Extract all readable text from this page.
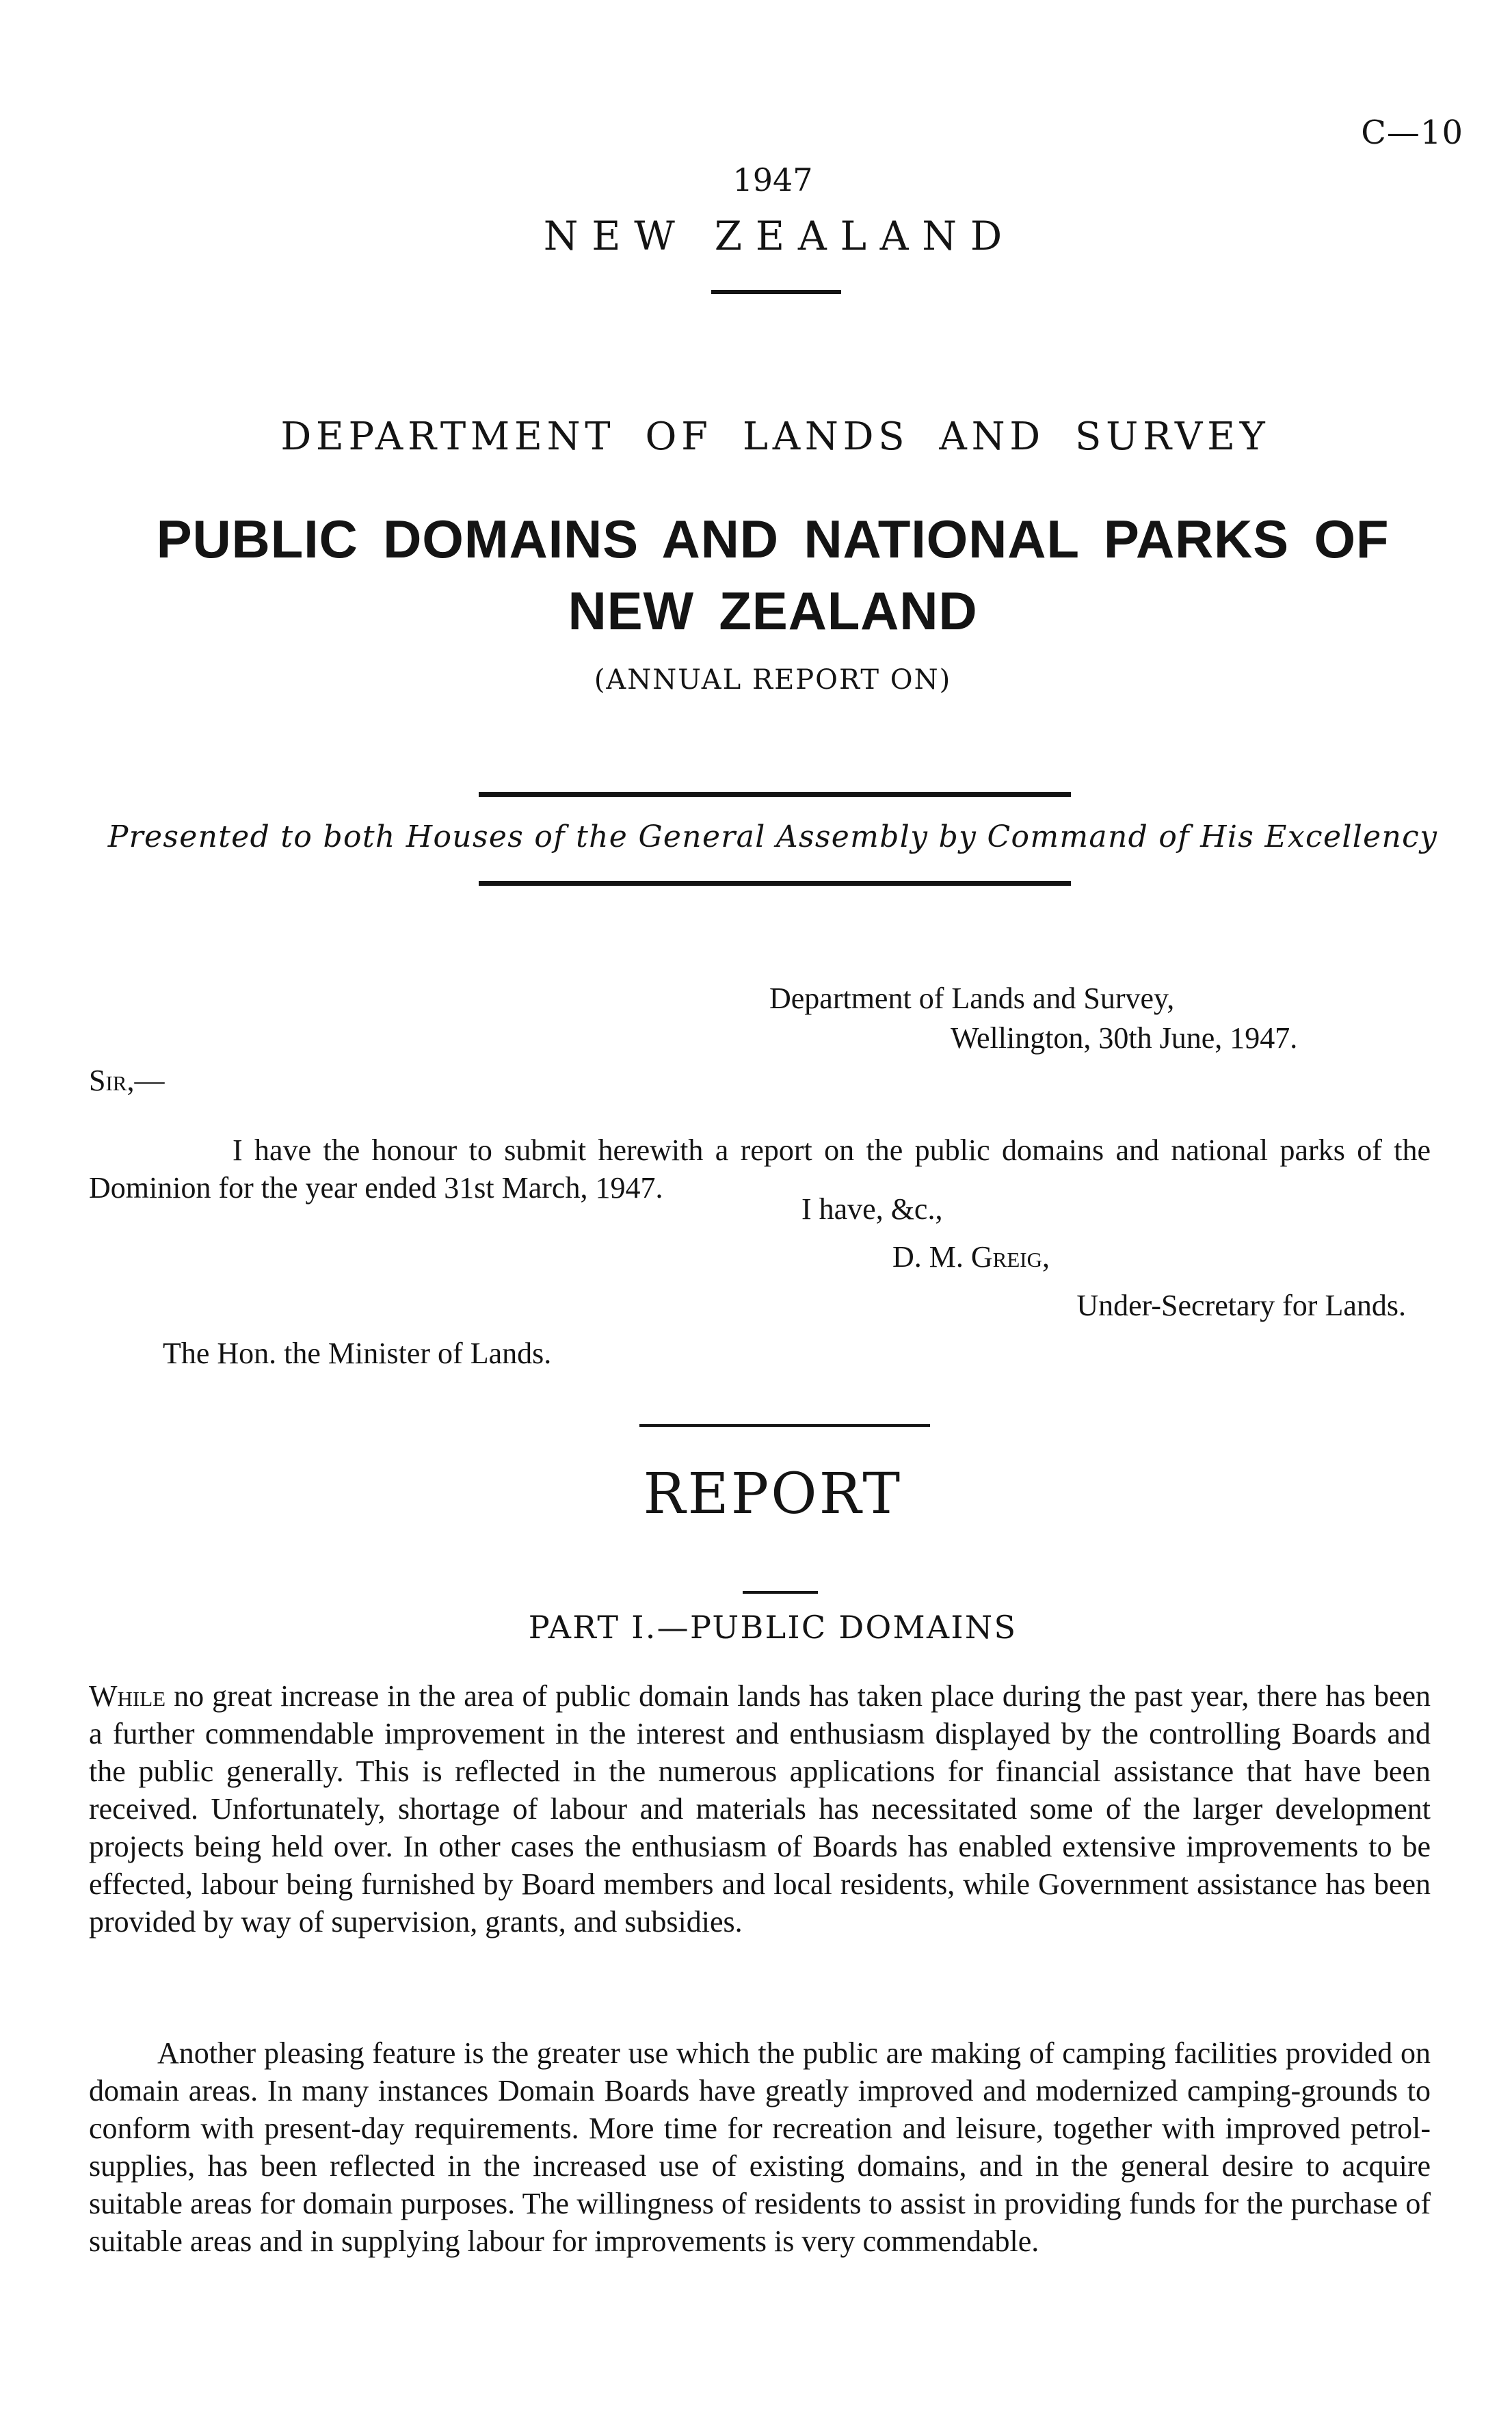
C—10
1947
NEW ZEALAND
DEPARTMENT OF LANDS AND SURVEY
PUBLIC DOMAINS AND NATIONAL PARKS OF NEW ZEALAND
(ANNUAL REPORT ON)
Presented to both Houses of the General Assembly by Command of His Excellency
Department of Lands and Survey,
Wellington, 30th June, 1947.
Sir,—

I have the honour to submit herewith a report on the public domains and national parks of the Dominion for the year ended 31st March, 1947.

I have, &c.,
D. M. Greig,
Under-Secretary for Lands.
The Hon. the Minister of Lands.
REPORT
PART I.—PUBLIC DOMAINS

While no great increase in the area of public domain lands has taken place during the past year, there has been a further commendable improvement in the interest and enthusiasm displayed by the controlling Boards and the public generally. This is reflected in the numerous applications for financial assistance that have been received. Unfortunately, shortage of labour and materials has necessitated some of the larger development projects being held over. In other cases the enthusiasm of Boards has enabled extensive improvements to be effected, labour being furnished by Board members and local residents, while Government assistance has been provided by way of supervision, grants, and subsidies.

Another pleasing feature is the greater use which the public are making of camping facilities provided on domain areas. In many instances Domain Boards have greatly improved and modernized camping-grounds to conform with present-day requirements. More time for recreation and leisure, together with improved petrol-supplies, has been reflected in the increased use of existing domains, and in the general desire to acquire suitable areas for domain purposes. The willingness of residents to assist in providing funds for the purchase of suitable areas and in supplying labour for improvements is very commendable.
